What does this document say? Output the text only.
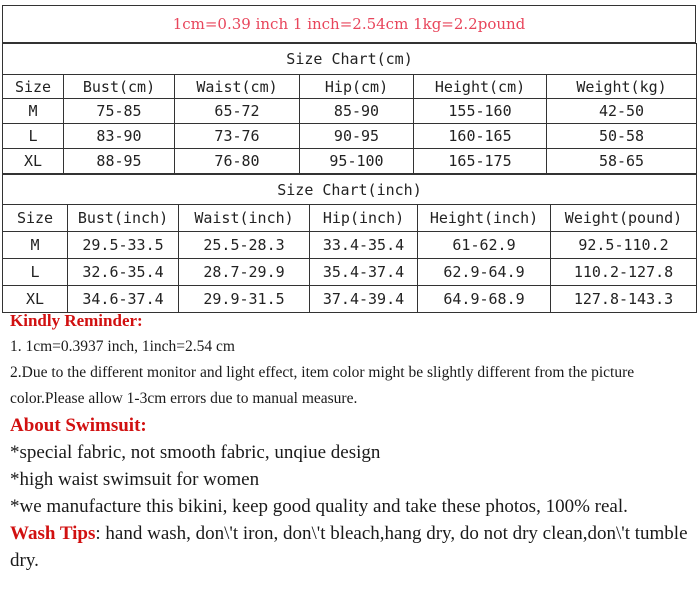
1cm=0.39 inch 1 inch=2.54cm 1kg=2.2pound
Size Chart(cm)					
Size	Bust(cm)	Waist(cm)	Hip(cm)	Height(cm)	Weight(kg)
M	75-85	65-72	85-90	155-160	42-50
L	83-90	73-76	90-95	160-165	50-58
XL	88-95	76-80	95-100	165-175	58-65
Size Chart(inch)					
Size	Bust(inch)	Waist(inch)	Hip(inch)	Height(inch)	Weight(pound)
M	29.5-33.5	25.5-28.3	33.4-35.4	61-62.9	92.5-110.2
L	32.6-35.4	28.7-29.9	35.4-37.4	62.9-64.9	110.2-127.8
XL	34.6-37.4	29.9-31.5	37.4-39.4	64.9-68.9	127.8-143.3
Kindly Reminder:
1. 1cm=0.3937 inch, 1inch=2.54 cm
2.Due to the different monitor and light effect, item color might be slightly different from the picture
color.Please allow 1-3cm errors due to manual measure.
About Swimsuit:
*special fabric, not smooth fabric, unqiue design
*high waist swimsuit for women
*we manufacture this bikini, keep good quality and take these photos, 100% real.
Wash Tips: hand wash, don\'t iron, don\'t bleach,hang dry, do not dry clean,don\'t tumble
dry.
